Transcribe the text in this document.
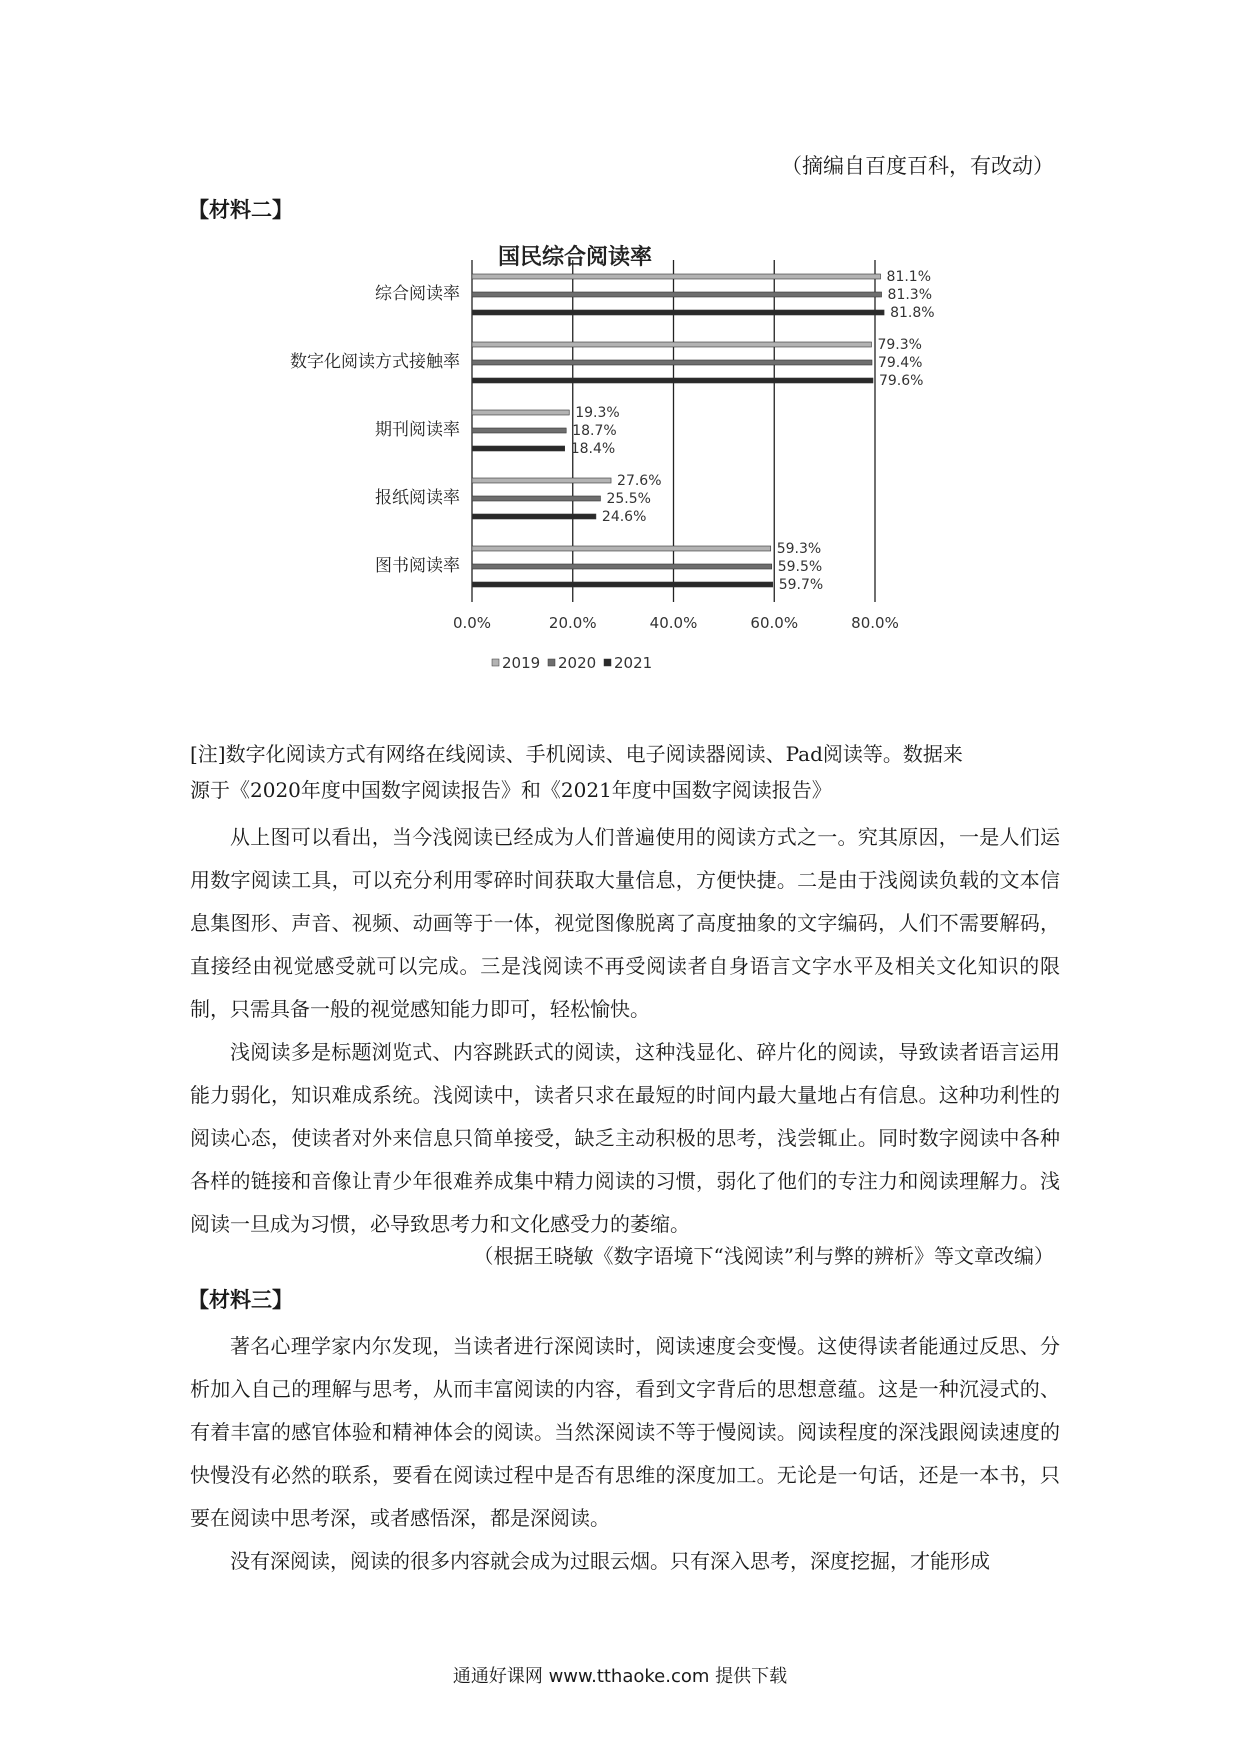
（摘编自百度百科，有改动）
【材料二】
国民综合阅读率
综合阅读率
数字化阅读方式接触率
期刊阅读率
报纸阅读率
图书阅读率
81.1%
81.3%
81.8%
79.3%
79.4%
79.6%
19.3%
18.7%
18.4%
27.6%
25.5%
24.6%
59.3%
59.5%
59.7%
0.0%	20.0%	40.0%	60.0%	80.0%
2019 2020 2021
[注]数字化阅读方式有网络在线阅读、手机阅读、电子阅读器阅读、Pad阅读等。数据来
源于《2020年度中国数字阅读报告》和《2021年度中国数字阅读报告》

从上图可以看出，当今浅阅读已经成为人们普遍使用的阅读方式之一。究其原因，一是人们运用数字阅读工具，可以充分利用零碎时间获取大量信息，方便快捷。二是由于浅阅读负载的文本信息集图形、声音、视频、动画等于一体，视觉图像脱离了高度抽象的文字编码，人们不需要解码，直接经由视觉感受就可以完成。三是浅阅读不再受阅读者自身语言文字水平及相关文化知识的限制，只需具备一般的视觉感知能力即可，轻松愉快。

浅阅读多是标题浏览式、内容跳跃式的阅读，这种浅显化、碎片化的阅读，导致读者语言运用能力弱化，知识难成系统。浅阅读中，读者只求在最短的时间内最大量地占有信息。这种功利性的阅读心态，使读者对外来信息只简单接受，缺乏主动积极的思考，浅尝辄止。同时数字阅读中各种各样的链接和音像让青少年很难养成集中精力阅读的习惯，弱化了他们的专注力和阅读理解力。浅阅读一旦成为习惯，必导致思考力和文化感受力的萎缩。

（根据王晓敏《数字语境下“浅阅读”利与弊的辨析》等文章改编）
【材料三】

著名心理学家内尔发现，当读者进行深阅读时，阅读速度会变慢。这使得读者能通过反思、分析加入自己的理解与思考，从而丰富阅读的内容，看到文字背后的思想意蕴。这是一种沉浸式的、有着丰富的感官体验和精神体会的阅读。当然深阅读不等于慢阅读。阅读程度的深浅跟阅读速度的快慢没有必然的联系，要看在阅读过程中是否有思维的深度加工。无论是一句话，还是一本书，只要在阅读中思考深，或者感悟深，都是深阅读。

没有深阅读，阅读的很多内容就会成为过眼云烟。只有深入思考，深度挖掘，才能形成

通通好课网 www.tthaoke.com 提供下载
